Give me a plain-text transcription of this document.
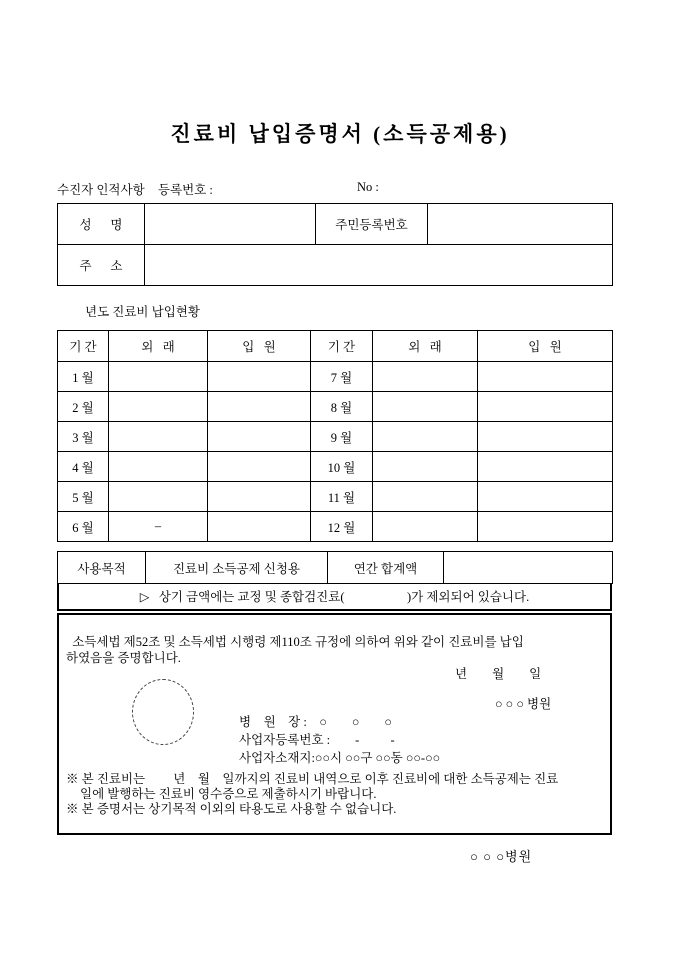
진료비 납입증명서 (소득공제용)
수진자 인적사항 등록번호 :	No :
성      명		주민등록번호	
주      소			
년도 진료비 납입현황
기 간	외   래	입   원	기 간	외   래	입   원
1 월			7 월		
2 월			8 월		
3 월			9 월		
4 월			10 월		
5 월			11 월		
6 월	–		12 월		
사용목적	진료비 소득공제 신청용	연간 합계액	
▷   상기 금액에는 교정 및 종합검진료(                    )가 제외되어 있습니다.
소득세법 제52조 및 소득세법 시행령 제110조 규정에 의하여 위와 같이 진료비를 납입
하였음을 증명합니다.
년        월        일
○ ○ ○ 병원
병    원    장 :    ○        ○        ○
사업자등록번호 :        -          -
사업자소재지:○○시 ○○구 ○○동 ○○-○○
※ 본 진료비는         년    월    일까지의 진료비 내역으로 이후 진료비에 대한 소득공제는 진료
일에 발행하는 진료비 영수증으로 제출하시기 바랍니다.
※ 본 증명서는 상기목적 이외의 타용도로 사용할 수 없습니다.
○ ○ ○병원
